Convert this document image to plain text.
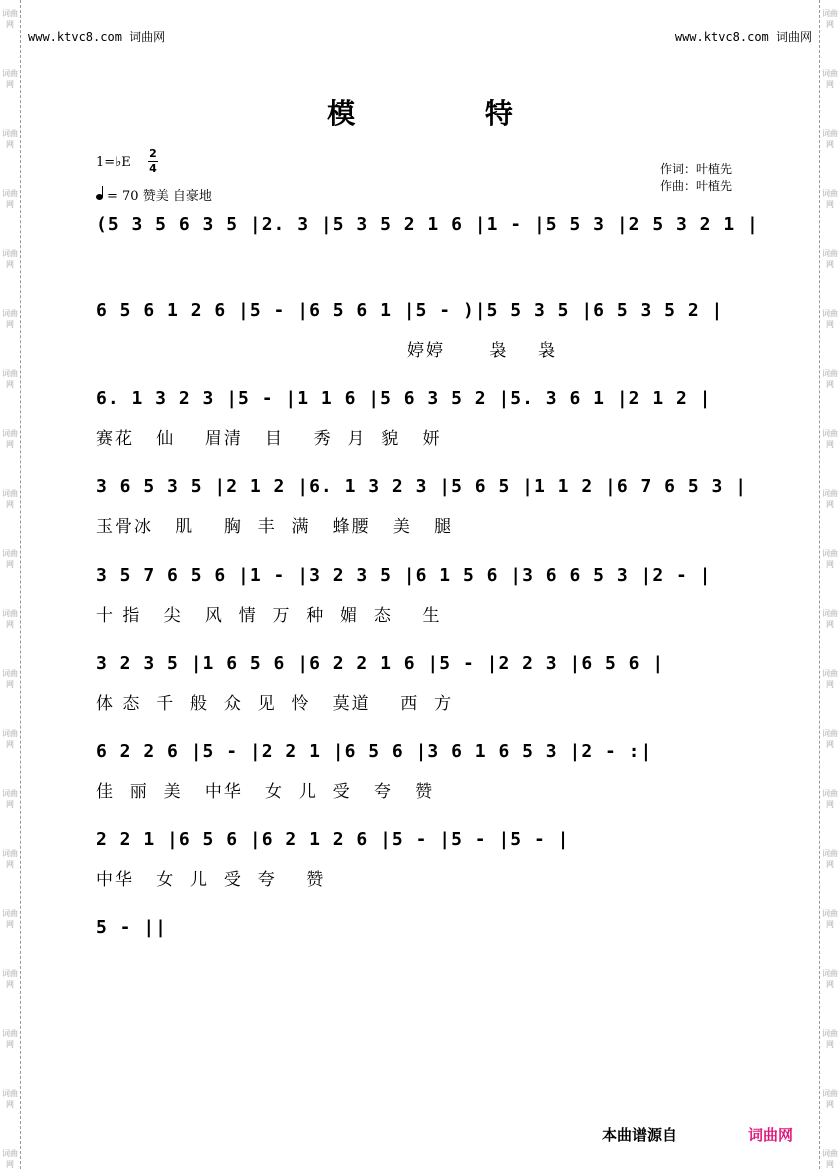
词曲网
词曲网
词曲网
词曲网
词曲网
词曲网
词曲网
词曲网
词曲网
词曲网
词曲网
词曲网
词曲网
词曲网
词曲网
词曲网
词曲网
词曲网
词曲网
词曲网
词曲网
词曲网
词曲网
词曲网
词曲网
词曲网
词曲网
词曲网
词曲网
词曲网
词曲网
词曲网
词曲网
词曲网
词曲网
词曲网
词曲网
词曲网
词曲网
词曲网
www.ktvc8.com 词曲网	www.ktvc8.com 词曲网
模 特
1=♭E
2
4
= 70 赞美 自豪地
作词：叶植先
作曲：叶植先
(5 3 5 6 3 5 |2. 3 |5 3 5 2 1 6 |1 - |5 5 3 |2 5 3 2 1 |
6 5 6 1 2 6 |5 - |6 5 6 1 |5 - )|5 5 3 5 |6 5 3 5 2 |
婷婷      袅    袅
6. 1 3 2 3 |5 - |1 1 6 |5 6 3 5 2 |5. 3 6 1 |2 1 2 |
赛花   仙    眉清   目    秀  月  貌   妍
3 6 5 3 5 |2 1 2 |6. 1 3 2 3 |5 6 5 |1 1 2 |6 7 6 5 3 |
玉骨冰   肌    胸  丰  满   蜂腰   美   腿
3 5 7 6 5 6 |1 - |3 2 3 5 |6 1 5 6 |3 6 6 5 3 |2 - |
十 指   尖   风  情  万  种  媚  态    生
3 2 3 5 |1 6 5 6 |6 2 2 1 6 |5 - |2 2 3 |6 5 6 |
体 态  千  般  众  见  怜   莫道    西  方
6 2 2 6 |5 - |2 2 1 |6 5 6 |3 6 1 6 5 3 |2 - :|
佳  丽  美   中华   女  儿  受   夸   赞
2 2 1 |6 5 6 |6 2 1 2 6 |5 - |5 - |5 - |
中华   女  儿  受  夸    赞
5 - ||
本曲谱源自	词曲网
